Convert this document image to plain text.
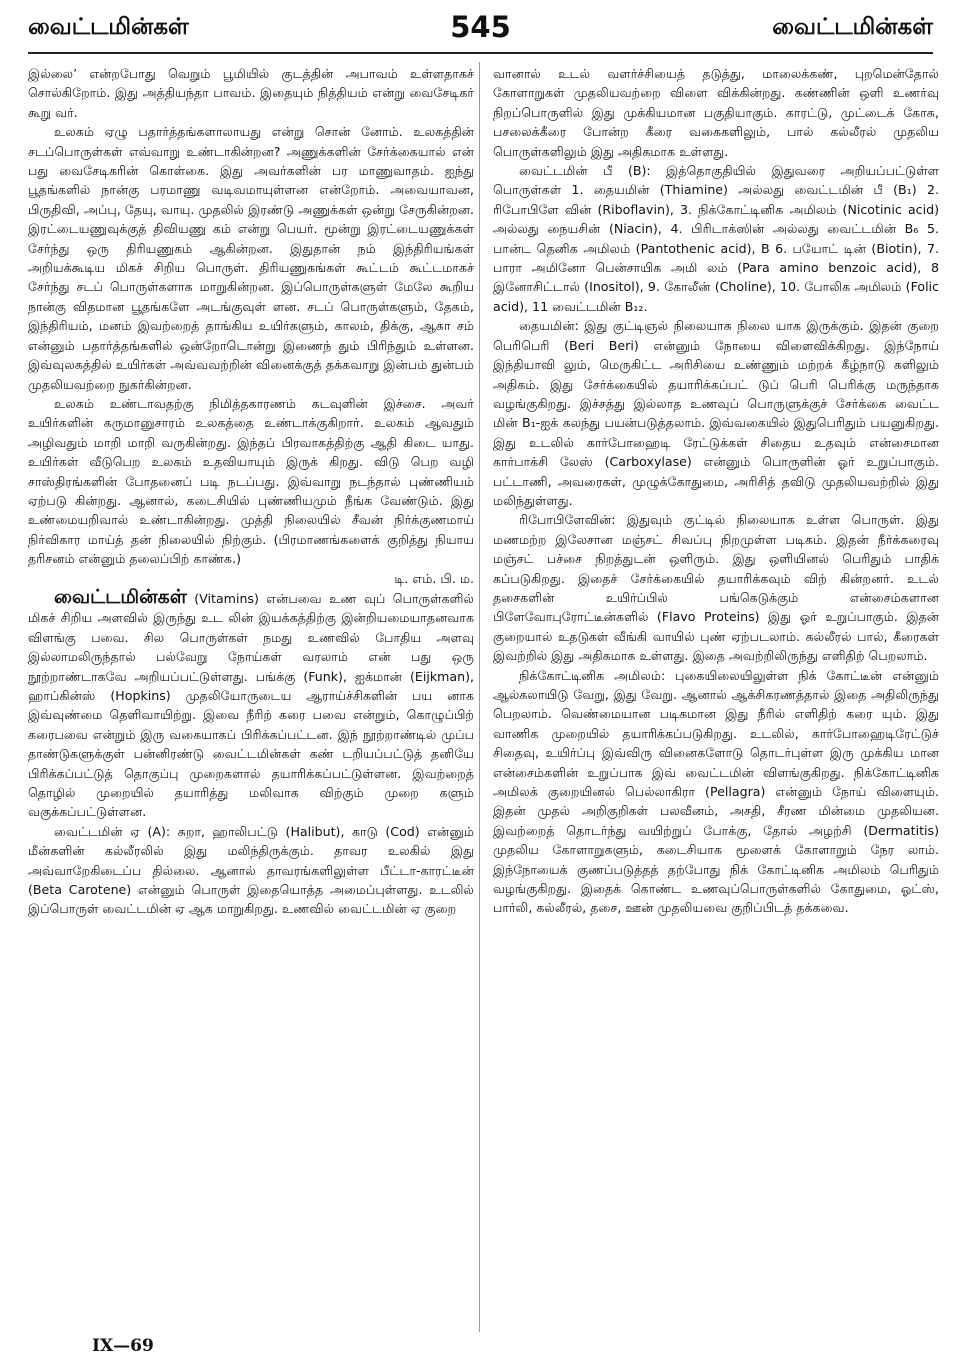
வைட்டமின்கள்	545	வைட்டமின்கள்

இல்லை’ என்றபோது வெறும் பூமியில் குடத்தின் அபாவம் உள்ளதாகச் சொல்கிறோம். இது அத்தியந்தா பாவம். இதையும் நித்தியம் என்று வைசேடிகர் கூறு வர்.

உலகம் ஏழு பதார்த்தங்களாலாயது என்று சொன் னோம். உலகத்தின் சடப்பொருள்கள் எவ்வாறு உண்டாகின்றன? அணுக்களின் சேர்க்கையால் என் பது வைசேடிகரின் கொள்கை. இது அவர்களின் பர மாணுவாதம். ஐந்து பூதங்களில் நான்கு பரமாணு வடிவமாயுள்ளன என்றோம். அவையாவன, பிருதிவி, அப்பு, தேயு, வாயு. முதலில் இரண்டு அணுக்கள் ஒன்று சேருகின்றன. இரட்டையணுவுக்குத் திவியணு கம் என்று பெயர். மூன்று இரட்டையணுக்கள் சேர்ந்து ஒரு திரியணுகம் ஆகின்றன. இதுதான் நம் இந்திரியங்கள் அறியக்கூடிய மிகச் சிறிய பொருள். திரியணுகங்கள் கூட்டம் கூட்டமாகச் சேர்ந்து சடப் பொருள்களாக மாறுகின்றன. இப்பொருள்களுள் மேலே கூறிய நான்கு விதமான பூதங்களே அடங்குவுள் ளன. சடப் பொருள்களும், தேகம், இந்திரியம், மனம் இவற்றைத் தாங்கிய உயிர்களும், காலம், திக்கு, ஆகா சம் என்னும் பதார்த்தங்களில் ஒன்றோடொன்று இணைந் தும் பிரிந்தும் உள்ளன. இவ்வுலகத்தில் உயிர்கள் அவ்வவற்றின் வினைக்குத் தக்கவாறு இன்பம் துன்பம் முதலியவற்றை நுகர்கின்றன.

உலகம் உண்டாவதற்கு நிமித்தகாரணம் கடவுளின் இச்சை. அவர் உயிர்களின் கருமானுசாரம் உலகத்தை உண்டாக்குகிறார். உலகம் ஆவதும் அழிவதும் மாறி மாறி வருகின்றது. இந்தப் பிரவாகத்திற்கு ஆதி கிடை யாது. உயிர்கள் வீடுபெற உலகம் உதவியாயும் இருக் கிறது. விடு பெற வழி சாஸ்திரங்களின் போதனைப் படி நடப்பது. இவ்வாறு நடந்தால் புண்ணியம் ஏற்படு கின்றது. ஆனால், கடைசியில் புண்ணியமும் நீங்க வேண்டும். இது உண்மையறிவால் உண்டாகின்றது. முத்தி நிலையில் சீவன் நிர்க்குணமாய் நிர்விகார மாய்த் தன் நிலையில் நிற்கும். (பிரமாணங்களைக் குறித்து நியாய தரிசனம் என்னும் தலைப்பிற் காண்க.)

டி. எம். பி. ம.

வைட்டமின்கள் (Vitamins) என்பவை உண வுப் பொருள்களில் மிகச் சிறிய அளவில் இருந்து உட லின் இயக்கத்திற்கு இன்றியமையாதனவாக விளங்கு பவை. சில பொருள்கள் நமது உணவில் போதிய அளவு இல்லாமலிருந்தால் பல்வேறு நோய்கள் வரலாம் என் பது ஒரு நூற்றாண்டாகவே அறியப்பட்டுள்ளது. பங்க்கு (Funk), ஐக்மான் (Eijkman), ஹாப்கின்ஸ் (Hopkins) முதலியோருடைய ஆராய்ச்சிகளின் பய னாக இவ்வுண்மை தெளிவாயிற்று. இவை நீரிற் கரை பவை என்றும், கொழுப்பிற் கரைபவை என்றும் இரு வகையாகப் பிரிக்கப்பட்டன. இந் நூற்றாண்டில் முப்ப தாண்டுகளுக்குள் பன்னிரண்டு வைட்டமின்கள் கண் டறியப்பட்டுத் தனியே பிரிக்கப்பட்டுத் தொகுப்பு முறைகளால் தயாரிக்கப்பட்டுள்ளன. இவற்றைத் தொழில் முறையில் தயாரித்து மலிவாக விற்கும் முறை களும் வகுக்கப்பட்டுள்ளன.

வைட்டமின் ஏ (A): சுறா, ஹாலிபட்டு (Halibut), காடு (Cod) என்னும் மீன்களின் கல்லீரலில் இது மலிந்திருக்கும். தாவர உலகில் இது அவ்வாறேகிடைப்ப தில்லை. ஆனால் தாவரங்களிலுள்ள பீட்டா-காரட்டீன் (Beta Carotene) என்னும் பொருள் இதையொத்த அமைப்புள்ளது. உடலில் இப்பொருள் வைட்டமின் ஏ ஆக மாறுகிறது. உணவில் வைட்டமின் ஏ குறை

வானால் உடல் வளர்ச்சியைத் தடுத்து, மாலைக்கண், புறமென்தோல் கோளாறுகள் முதலியவற்றை விளை விக்கின்றது. கண்ணின் ஒளி உணர்வு நிறப்பொருளில் இது முக்கியமான பகுதியாகும். காரட்டு, முட்டைக் கோசு, பசலைக்கீரை போன்ற கீரை வகைகளிலும், பால் கல்லீரல் முதலிய பொருள்களிலும் இது அதிகமாக உள்ளது.

வைட்டமின் பீ (B): இத்தொகுதியில் இதுவரை அறியப்பட்டுள்ள பொருள்கள் 1. தையமின் (Thiamine) அல்லது வைட்டமின் பீ (B₁) 2. ரிபோபிளே வின் (Riboflavin), 3. நிக்கோட்டினிக அமிலம் (Nicotinic acid) அல்லது நையசின் (Niacin), 4. பிரிடாக்ஸின் அல்லது வைட்டமின் B₆ 5. பான்ட தெனிக அமிலம் (Pantothenic acid), B 6. பயோட் டின் (Biotin), 7. பாரா அமினோ பென்சாயிக அமி லம் (Para amino benzoic acid), 8 இனோசிட்டால் (Inositol), 9. கோலீன் (Choline), 10. போலிக அமிலம் (Folic acid), 11 வைட்டமின் B₁₂.

தையமின்: இது குட்டிஞல் நிலையாக நிலை யாக இருக்கும். இதன் குறை பெரிபெரி (Beri Beri) என்னும் நோயை விளைவிக்கிறது. இந்நோய் இந்தியாவி லும், மெருகிட்ட அரிசியை உண்ணும் மற்றக் கீழ்நாடு களிலும் அதிகம். இது சேர்க்கையில் தயாரிக்கப்பட் டுப் பெரி பெரிக்கு மருந்தாக வழங்குகிறது. இச்சத்து இல்லாத உணவுப் பொருளுக்குச் சேர்க்கை வைட்ட மின் B₁-ஐக் கலந்து பயன்படுத்தலாம். இவ்வகையில் இதுபெரிதும் பயனுகிறது. இது உடலில் கார்போஹைடி ரேட்டுக்கள் சிதைய உதவும் என்சைமான கார்பாக்சி லேஸ் (Carboxylase) என்னும் பொருளின் ஓர் உறுப்பாகும். பட்டாணி, அவரைகள், முழுக்கோதுமை, அரிசித் தவிடு முதலியவற்றில் இது மலிந்துள்ளது.

ரிபோபிளேவின்: இதுவும் குட்டில் நிலையாக உள்ள பொருள். இது மணமற்ற இலேசான மஞ்சட் சிவப்பு நிறமுள்ள படிகம். இதன் நீர்க்கரைவு மஞ்சட் பச்சை நிறத்துடன் ஒளிரும். இது ஒளியினல் பெரிதும் பாதிக் கப்படுகிறது. இதைச் சேர்க்கையில் தயாரிக்கவும் விற் கின்றனர். உடல் தசைகளின் உயிர்ப்பில் பங்கெடுக்கும் என்சைம்களான பிளேவோபுரோட்டீன்களில் (Flavo Proteins) இது ஓர் உறுப்பாகும். இதன் குறையால் உதடுகள் வீங்கி வாயில் புண் ஏற்படலாம். கல்லீரல் பால், கீரைகள் இவற்றில் இது அதிகமாக உள்ளது. இதை அவற்றிலிருந்து எளிதிற் பெறலாம்.

நிக்கோட்டினிக அமிலம்: புகையிலையிலுள்ள நிக் கோட்டீன் என்னும் ஆல்கலாயிடு வேறு, இது வேறு. ஆனால் ஆக்சிகரணத்தால் இதை அதிலிருந்து பெறலாம். வெண்மையான படிகமான இது நீரில் எளிதிற் கரை யும். இது வாணிக முறையில் தயாரிக்கப்படுகிறது. உடலில், கார்போஹைடிரேட்டுச் சிதைவு, உயிர்ப்பு இவ்விரு வினைகளோடு தொடர்புள்ள இரு முக்கிய மான என்சைம்களின் உறுப்பாக இவ் வைட்டமின் விளங்குகிறது. நிக்கோட்டினிக அமிலக் குறையினல் பெல்லாகிரா (Pellagra) என்னும் நோய் விளையும். இதன் முதல் அறிகுறிகள் பலவீனம், அசதி, சீரண மின்மை முதலியன. இவற்றைத் தொடர்ந்து வயிற்றுப் போக்கு, தோல் அழற்சி (Dermatitis) முதலிய கோளாறுகளும், கடைசியாக மூளைக் கோளாறும் நேர லாம். இந்நோயைக் குணப்படுத்தத் தற்போது நிக் கோட்டினிக அமிலம் பெரிதும் வழங்குகிறது. இதைக் கொண்ட உணவுப்பொருள்களில் கோதுமை, ஓட்ஸ், பார்லி, கல்லீரல், தசை, ஊன் முதலியவை குறிப்பிடத் தக்கவை.

IX—69
